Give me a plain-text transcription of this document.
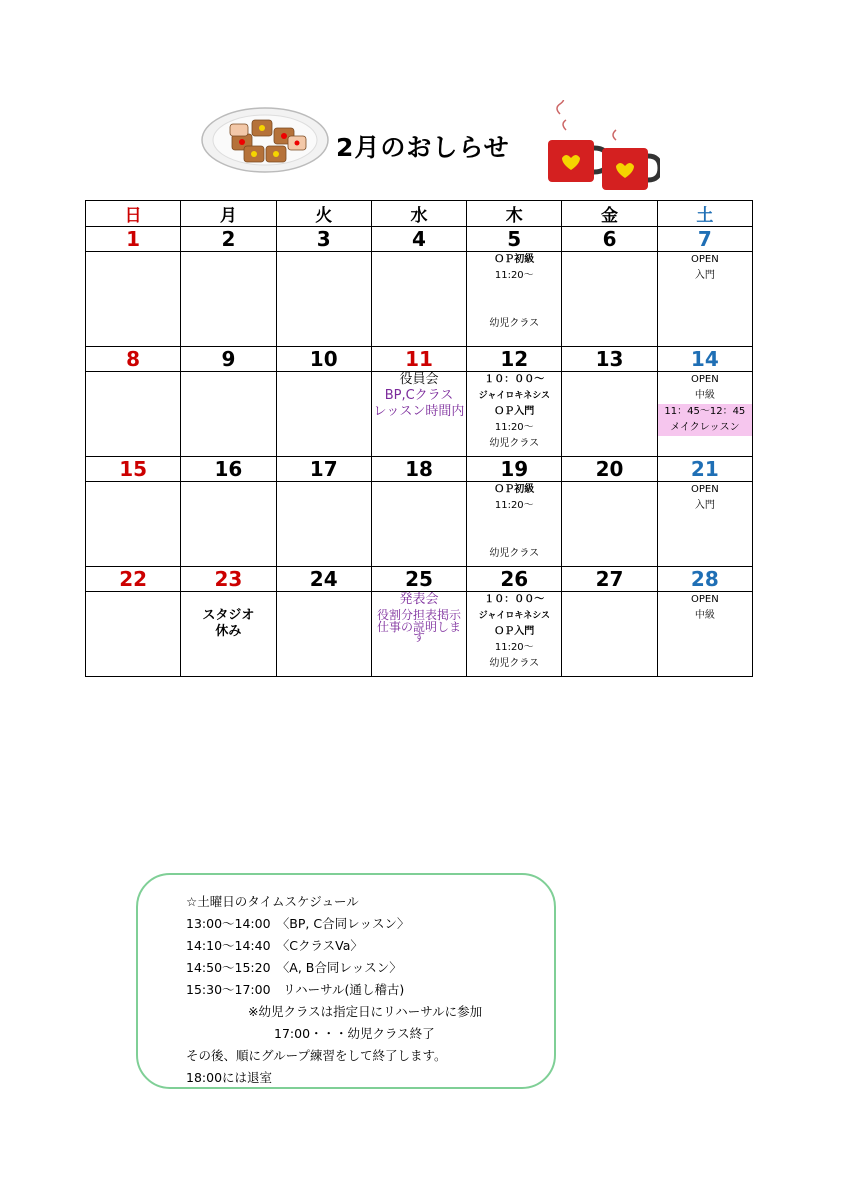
2月のおしらせ
日	月	火	水	木	金	土
1	2	3	4	5	6	7

				ＯＰ初級
11:20～

幼児クラス		OPEN
入門

8	9	10	11	12	13	14

			役員会
BP,Cクラス
レッスン時間内	１０：００～
ジャイロキネシス
ＯＰ入門
11:20～
幼児クラス		OPEN
中級
11：45～12：45
メイクレッスン

15	16	17	18	19	20	21

				ＯＰ初級
11:20～

幼児クラス		OPEN
入門

22	23	24	25	26	27	28

	スタジオ
休み		発表会
役割分担表掲示
仕事の説明しま
す	１０：００～
ジャイロキネシス
ＯＰ入門
11:20～
幼児クラス		OPEN
中級
☆土曜日のタイムスケジュール
13:00～14:00　〈BP, C合同レッスン〉
14:10～14:40　〈CクラスVa〉
14:50～15:20　〈A, B合同レッスン〉
15:30～17:00　リハーサル(通し稽古)
※幼児クラスは指定日にリハーサルに参加
17:00・・・幼児クラス終了
その後、順にグループ練習をして終了します。
18:00には退室
